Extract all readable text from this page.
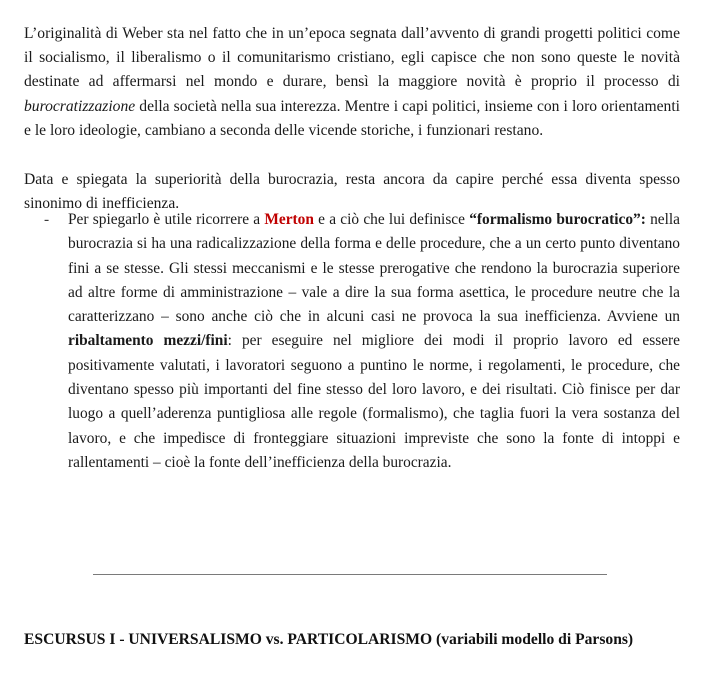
L’originalità di Weber sta nel fatto che in un’epoca segnata dall’avvento di grandi progetti politici come il socialismo, il liberalismo o il comunitarismo cristiano, egli capisce che non sono queste le novità destinate ad affermarsi nel mondo e durare, bensì la maggiore novità è proprio il processo di burocratizzazione della società nella sua interezza. Mentre i capi politici, insieme con i loro orientamenti e le loro ideologie, cambiano a seconda delle vicende storiche, i funzionari restano.

Data e spiegata la superiorità della burocrazia, resta ancora da capire perché essa diventa spesso sinonimo di inefficienza.

- Per spiegarlo è utile ricorrere a Merton e a ciò che lui definisce “formalismo burocratico”: nella burocrazia si ha una radicalizzazione della forma e delle procedure, che a un certo punto diventano fini a se stesse. Gli stessi meccanismi e le stesse prerogative che rendono la burocrazia superiore ad altre forme di amministrazione – vale a dire la sua forma asettica, le procedure neutre che la caratterizzano – sono anche ciò che in alcuni casi ne provoca la sua inefficienza. Avviene un ribaltamento mezzi/fini: per eseguire nel migliore dei modi il proprio lavoro ed essere positivamente valutati, i lavoratori seguono a puntino le norme, i regolamenti, le procedure, che diventano spesso più importanti del fine stesso del loro lavoro, e dei risultati. Ciò finisce per dar luogo a quell’aderenza puntigliosa alle regole (formalismo), che taglia fuori la vera sostanza del lavoro, e che impedisce di fronteggiare situazioni impreviste che sono la fonte di intoppi e rallentamenti – cioè la fonte dell’inefficienza della burocrazia.
ESCURSUS I - UNIVERSALISMO vs. PARTICOLARISMO (variabili modello di Parsons)
